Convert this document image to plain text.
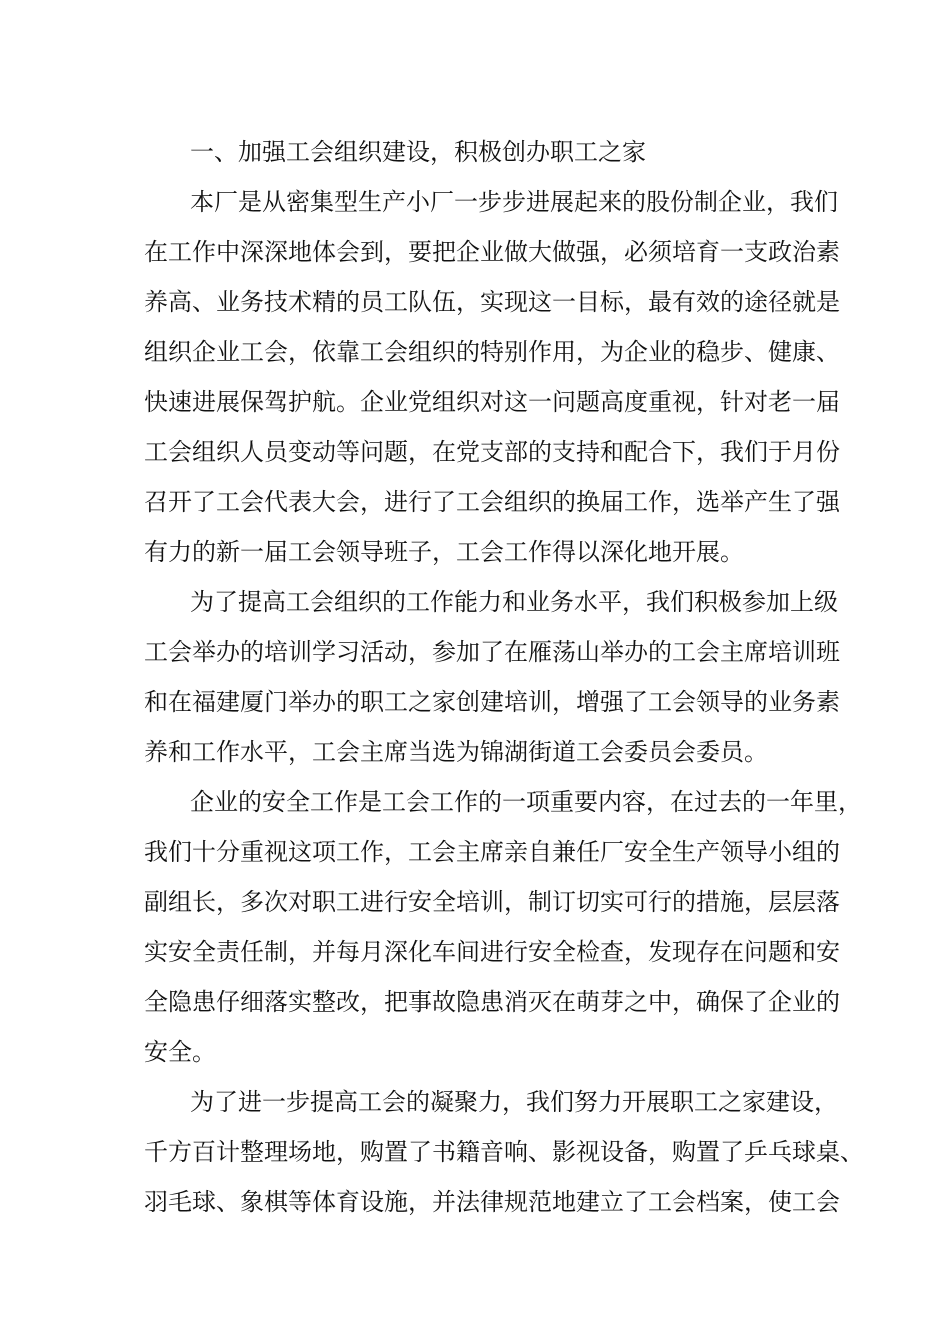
一、加强工会组织建设，积极创办职工之家
本厂是从密集型生产小厂一步步进展起来的股份制企业，我们
在工作中深深地体会到，要把企业做大做强，必须培育一支政治素
养高、业务技术精的员工队伍，实现这一目标，最有效的途径就是
组织企业工会，依靠工会组织的特别作用，为企业的稳步、健康、
快速进展保驾护航。企业党组织对这一问题高度重视，针对老一届
工会组织人员变动等问题，在党支部的支持和配合下，我们于月份
召开了工会代表大会，进行了工会组织的换届工作，选举产生了强
有力的新一届工会领导班子，工会工作得以深化地开展。
为了提高工会组织的工作能力和业务水平，我们积极参加上级
工会举办的培训学习活动，参加了在雁荡山举办的工会主席培训班
和在福建厦门举办的职工之家创建培训，增强了工会领导的业务素
养和工作水平，工会主席当选为锦湖街道工会委员会委员。
企业的安全工作是工会工作的一项重要内容，在过去的一年里，
我们十分重视这项工作，工会主席亲自兼任厂安全生产领导小组的
副组长，多次对职工进行安全培训，制订切实可行的措施，层层落
实安全责任制，并每月深化车间进行安全检查，发现存在问题和安
全隐患仔细落实整改，把事故隐患消灭在萌芽之中，确保了企业的
安全。
为了进一步提高工会的凝聚力，我们努力开展职工之家建设，
千方百计整理场地，购置了书籍音响、影视设备，购置了乒乓球桌、
羽毛球、象棋等体育设施，并法律规范地建立了工会档案，使工会
